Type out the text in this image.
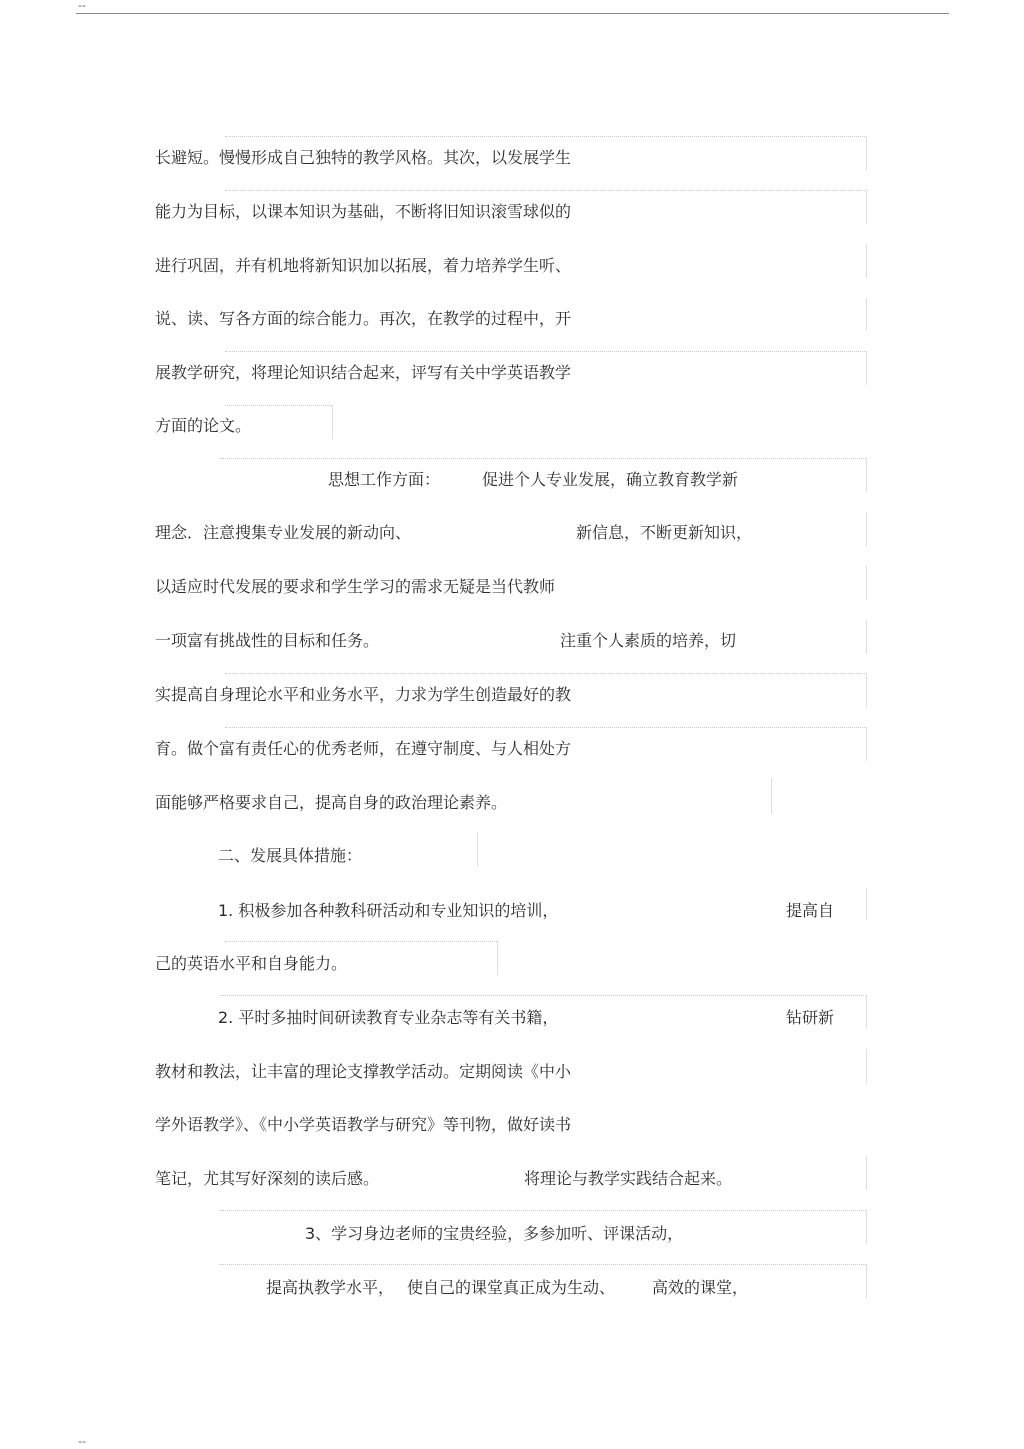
--

长避短。慢慢形成自己独特的教学风格。其次，以发展学生

能力为目标，以课本知识为基础，不断将旧知识滚雪球似的

进行巩固，并有机地将新知识加以拓展，着力培养学生听、

说、读、写各方面的综合能力。再次，在教学的过程中，开

展教学研究，将理论知识结合起来，评写有关中学英语教学

方面的论文。

思想工作方面：	促进个人专业发展，确立教育教学新

理念．注意搜集专业发展的新动向、	新信息，不断更新知识，

以适应时代发展的要求和学生学习的需求无疑是当代教师

一项富有挑战性的目标和任务。	注重个人素质的培养，切

实提高自身理论水平和业务水平，力求为学生创造最好的教

育。做个富有责任心的优秀老师，在遵守制度、与人相处方

面能够严格要求自己，提高自身的政治理论素养。

二、发展具体措施：

1. 积极参加各种教科研活动和专业知识的培训，	提高自

己的英语水平和自身能力。

2. 平时多抽时间研读教育专业杂志等有关书籍，	钻研新

教材和教法，让丰富的理论支撑教学活动。定期阅读《中小

学外语教学》、《中小学英语教学与研究》等刊物，做好读书

笔记，尤其写好深刻的读后感。	将理论与教学实践结合起来。

3、学习身边老师的宝贵经验，多参加听、评课活动，

提高执教学水平， 使自己的课堂真正成为生动、 高效的课堂，

--
